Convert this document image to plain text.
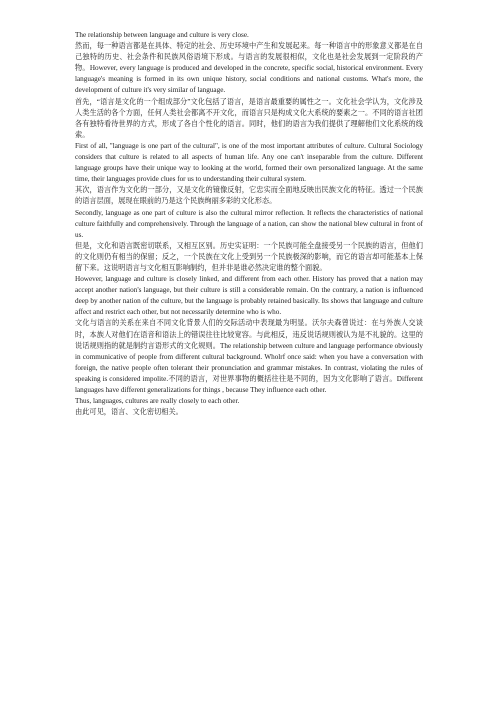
The relationship between language and culture is very close.

然而，每一种语言都是在具体、特定的社会、历史环境中产生和发展起来。每一种语言中的形象意义都是在自己独特的历史、社会条件和民族风俗语境下形成。与语言的发展很相似，文化也是社会发展到一定阶段的产物。However, every language is produced and developed in the concrete, specific social, historical environment. Every language's meaning is formed in its own unique history, social conditions and national customs. What's more, the development of culture it's very similar of language.

首先，“语言是文化的一个组成部分”文化包括了语言，是语言最重要的属性之一。文化社会学认为，文化涉及人类生活的各个方面，任何人类社会都离不开文化，而语言只是构成文化大系统的要素之一。不同的语言社团各有独特看待世界的方式，形成了各自个性化的语言。同时，他们的语言为我们提供了理解他们文化系统的线索。

First of all, "language is one part of the cultural", is one of the most important attributes of culture. Cultural Sociology considers that culture is related to all aspects of human life. Any one can't inseparable from the culture. Different language groups have their unique way to looking at the world, formed their own personalized language. At the same time, their languages provide clues for us to understanding their cultural system.

其次，语言作为文化的一部分，又是文化的镜像反射，它忠实而全面地反映出民族文化的特征。透过一个民族的语言层面，展现在眼前的乃是这个民族绚丽多彩的文化形态。

Secondly, language as one part of culture is also the cultural mirror reflection. It reflects the characteristics of national culture faithfully and comprehensively. Through the language of a nation, can show the national blew cultural in front of us.

但是，文化和语言既密切联系，又相互区别。历史实证明：一个民族可能全盘接受另一个民族的语言，但他们的文化则仍有相当的保留；反之，一个民族在文化上受到另一个民族极深的影响，而它的语言却可能基本上保留下来。这说明语言与文化相互影响制约，但并非是谁必然决定谁的整个面貌。

However, language and culture is closely linked, and different from each other. History has proved that a nation may accept another nation's language, but their culture is still a considerable remain. On the contrary, a nation is influenced deep by another nation of the culture, but the language is probably retained basically. Its shows that language and culture affect and restrict each other, but not necessarily determine who is who.

文化与语言的关系在来自不同文化背景人们的交际活动中表现最为明显。沃尔夫森曾说过：在与外族人交谈时，本族人对他们在语音和语法上的错误往往比较宽容。与此相反，违反说话规则被认为是不礼貌的。这里的说话规则指的就是制约言语形式的文化规则。The relationship between culture and language performance obviously in communicative of people from different cultural background. Wholrf once said: when you have a conversation with foreign, the native people often tolerant their pronunciation and grammar mistakes. In contrast, violating the rules of speaking is considered impolite.不同的语言，对世界事物的概括往往是不同的，因为文化影响了语言。Different languages have different generalizations for things , because They influence each other.

Thus, languages, cultures are really closely to each other.

由此可见，语言、文化密切相关。
